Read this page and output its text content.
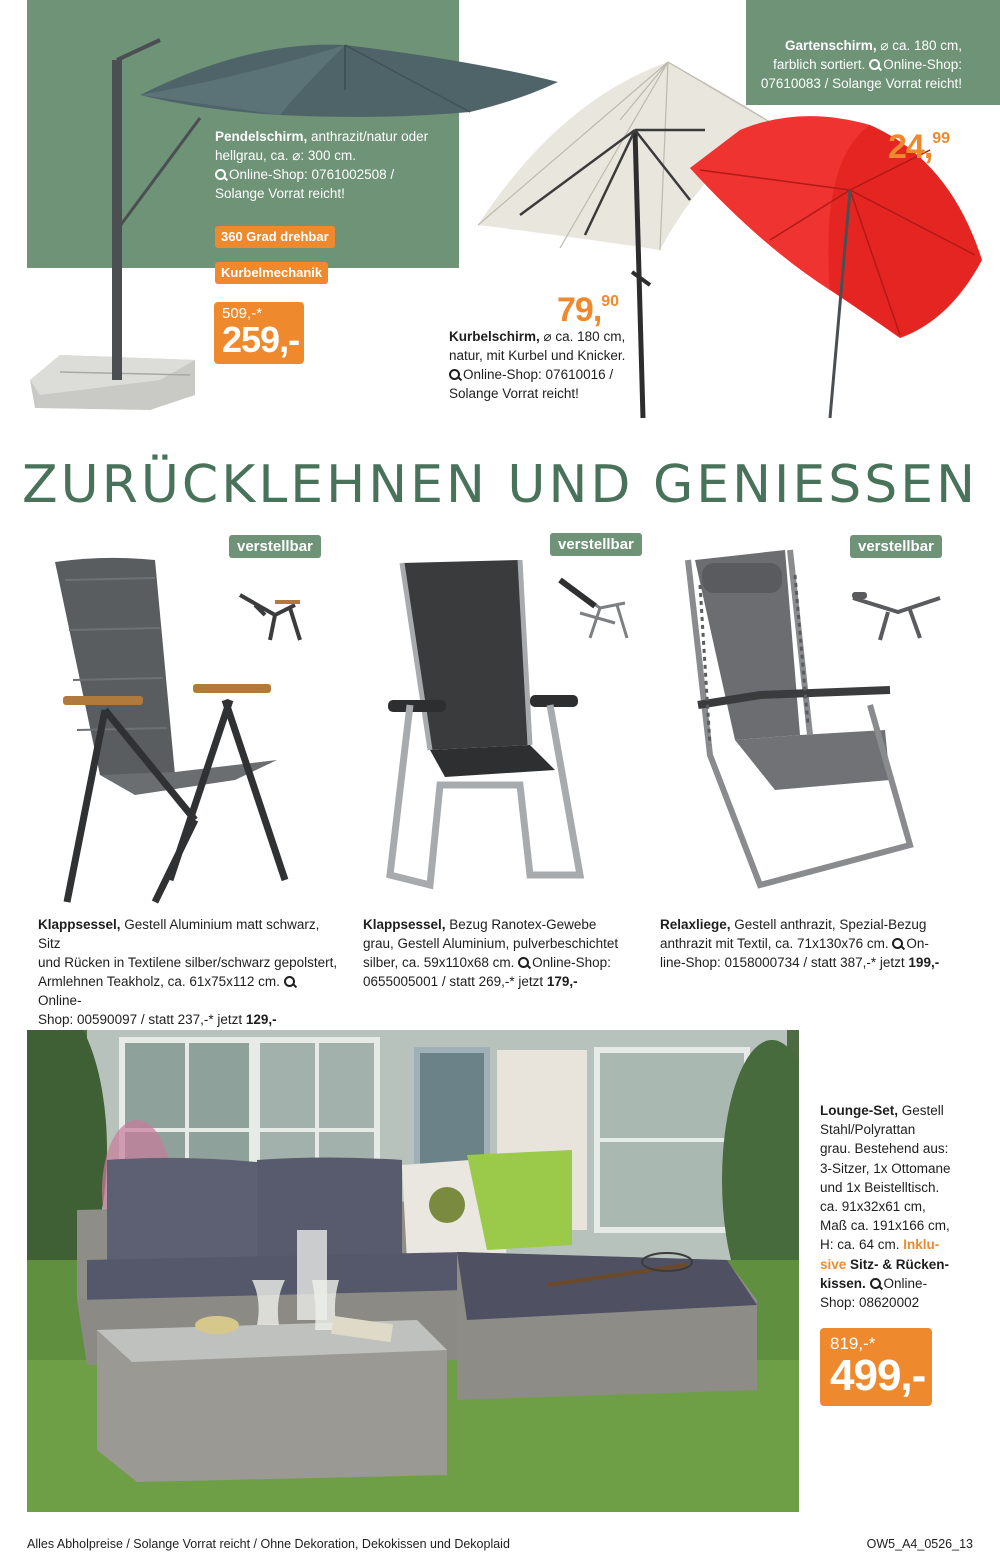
Pendelschirm, anthrazit/natur oder hellgrau, ca. ⌀: 300 cm.
Online-Shop: 0761002508 /
Solange Vorrat reicht!
360 Grad drehbar
Kurbelmechanik
509,-*
259,-
Gartenschirm, ⌀ ca. 180 cm,
farblich sortiert. Online-Shop:
07610083 / Solange Vorrat reicht!
24,99
79,90
Kurbelschirm, ⌀ ca. 180 cm,
natur, mit Kurbel und Knicker.
Online-Shop: 07610016 /
Solange Vorrat reicht!
ZURÜCKLEHNEN UND GENIESSEN
verstellbar
Klappsessel, Gestell Aluminium matt schwarz, Sitz
und Rücken in Textilene silber/schwarz gepolstert,
Armlehnen Teakholz, ca. 61x75x112 cm. Online-
Shop: 00590097 / statt 237,-* jetzt 129,-
verstellbar
Klappsessel, Bezug Ranotex-Gewebe
grau, Gestell Aluminium, pulverbeschichtet
silber, ca. 59x110x68 cm. Online-Shop:
0655005001 / statt 269,-* jetzt 179,-
verstellbar
Relaxliege, Gestell anthrazit, Spezial-Bezug
anthrazit mit Textil, ca. 71x130x76 cm. On-
line-Shop: 0158000734 / statt 387,-* jetzt 199,-
Lounge-Set, Gestell
Stahl/Polyrattan
grau. Bestehend aus:
3-Sitzer, 1x Ottomane
und 1x Beistelltisch.
ca. 91x32x61 cm,
Maß ca. 191x166 cm,
H: ca. 64 cm. Inklu-
sive Sitz- & Rücken-
kissen. Online-
Shop: 08620002
819,-*
499,-
Alles Abholpreise / Solange Vorrat reicht / Ohne Dekoration, Dekokissen und Dekoplaid	OW5_A4_0526_13
